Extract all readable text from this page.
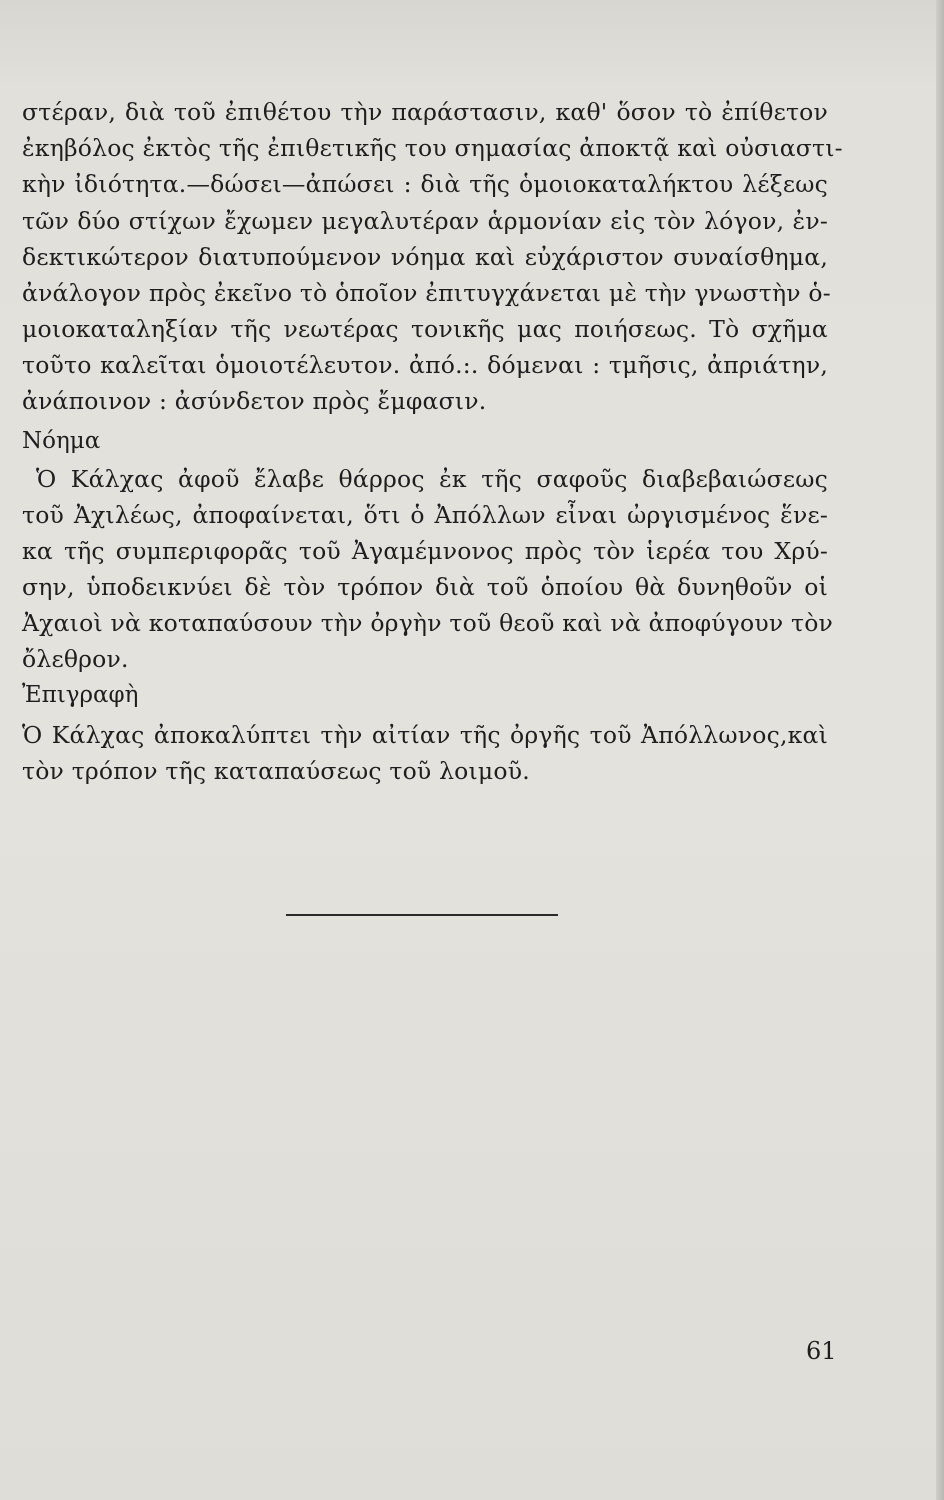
στέραν, διὰ τοῦ ἐπιθέτου τὴν παράστασιν, καθ' ὅσον τὸ ἐπίθετον
ἐκηβόλος ἐκτὸς τῆς ἐπιθετικῆς του σημασίας ἀποκτᾷ καὶ οὐσιαστι-
κὴν ἰδιότητα.—δώσει—ἀπώσει : διὰ τῆς ὁμοιοκαταλήκτου λέξεως
τῶν δύο στίχων ἔχωμεν μεγαλυτέραν ἁρμονίαν εἰς τὸν λόγον, ἐν-
δεκτικώτερον διατυπούμενον νόημα καὶ εὐχάριστον συναίσθημα,
ἀνάλογον πρὸς ἐκεῖνο τὸ ὁποῖον ἐπιτυγχάνεται μὲ τὴν γνωστὴν ὁ-
μοιοκαταληξίαν τῆς νεωτέρας τονικῆς μας ποιήσεως. Τὸ σχῆμα
τοῦτο καλεῖται ὁμοιοτέλευτον. ἀπό.:. δόμεναι : τμῆσις, ἀπριάτην,
ἀνάποινον : ἀσύνδετον πρὸς ἔμφασιν.
Νόημα
Ὁ Κάλχας ἀφοῦ ἔλαβε θάρρος ἐκ τῆς σαφοῦς διαβεβαιώσεως
τοῦ Ἀχιλέως, ἀποφαίνεται, ὅτι ὁ Ἀπόλλων εἶναι ὠργισμένος ἕνε-
κα τῆς συμπεριφορᾶς τοῦ Ἀγαμέμνονος πρὸς τὸν ἱερέα του Χρύ-
σην, ὑποδεικνύει δὲ τὸν τρόπον διὰ τοῦ ὁποίου θὰ δυνηθοῦν οἱ
Ἀχαιοὶ νὰ κοταπαύσουν τὴν ὀργὴν τοῦ θεοῦ καὶ νὰ ἀποφύγουν τὸν
ὄλεθρον.
Ἐπιγραφὴ
Ὁ Κάλχας ἀποκαλύπτει τὴν αἰτίαν τῆς ὀργῆς τοῦ Ἀπόλλωνος,καὶ
τὸν τρόπον τῆς καταπαύσεως τοῦ λοιμοῦ.
61
